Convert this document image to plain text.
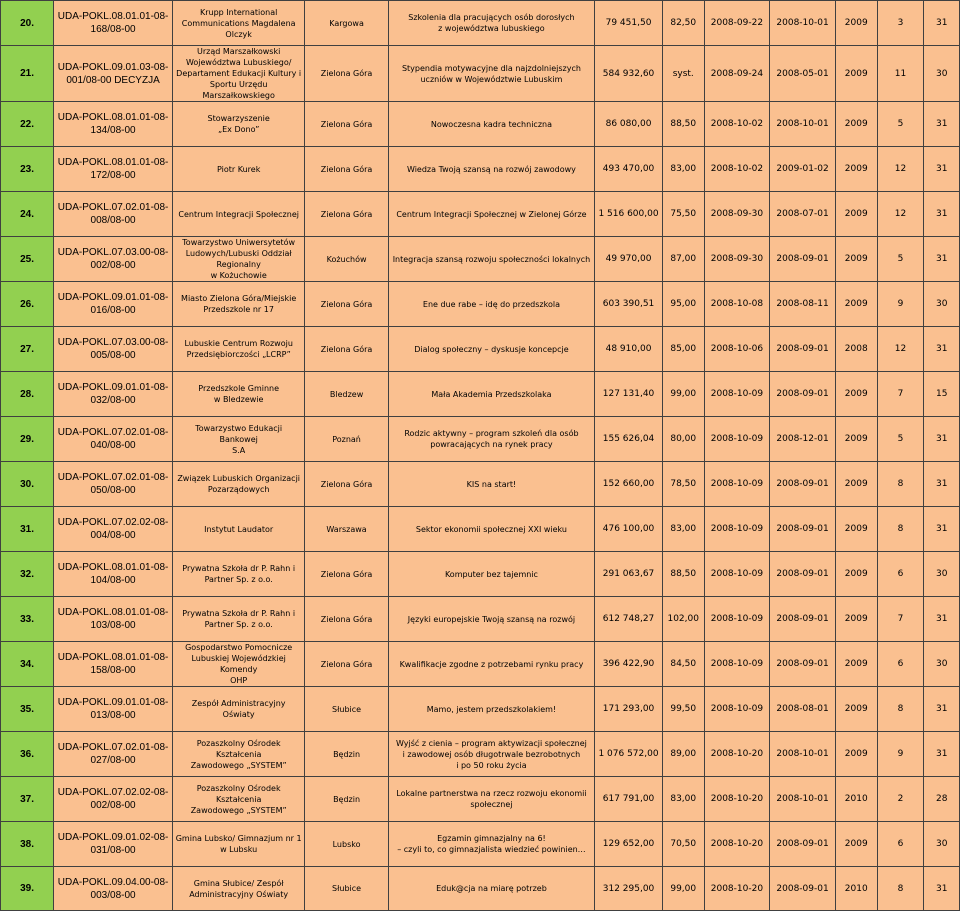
20.	UDA-POKL.08.01.01-08-
168/08-00	Krupp International
Communications Magdalena
Olczyk	Kargowa	Szkolenia dla pracujących osób dorosłych
z województwa lubuskiego	79 451,50	82,50	2008-09-22	2008-10-01	2009	3	31
21.	UDA-POKL.09.01.03-08-
001/08-00 DECYZJA	Urząd Marszałkowski
Województwa Lubuskiego/
Departament Edukacji Kultury i
Sportu Urzędu Marszałkowskiego	Zielona Góra	Stypendia motywacyjne dla najzdolniejszych
uczniów w Województwie Lubuskim	584 932,60	syst.	2008-09-24	2008-05-01	2009	11	30
22.	UDA-POKL.08.01.01-08-
134/08-00	Stowarzyszenie
„Ex Dono”	Zielona Góra	Nowoczesna kadra techniczna	86 080,00	88,50	2008-10-02	2008-10-01	2009	5	31
23.	UDA-POKL.08.01.01-08-
172/08-00	Piotr Kurek	Zielona Góra	Wiedza Twoją szansą na rozwój zawodowy	493 470,00	83,00	2008-10-02	2009-01-02	2009	12	31
24.	UDA-POKL.07.02.01-08-
008/08-00	Centrum Integracji Społecznej	Zielona Góra	Centrum Integracji Społecznej w Zielonej Górze	1 516 600,00	75,50	2008-09-30	2008-07-01	2009	12	31
25.	UDA-POKL.07.03.00-08-
002/08-00	Towarzystwo Uniwersytetów
Ludowych/Lubuski Oddział
Regionalny
w Kożuchowie	Kożuchów	Integracja szansą rozwoju społeczności lokalnych	49 970,00	87,00	2008-09-30	2008-09-01	2009	5	31
26.	UDA-POKL.09.01.01-08-
016/08-00	Miasto Zielona Góra/Miejskie
Przedszkole nr 17	Zielona Góra	Ene due rabe – idę do przedszkola	603 390,51	95,00	2008-10-08	2008-08-11	2009	9	30
27.	UDA-POKL.07.03.00-08-
005/08-00	Lubuskie Centrum Rozwoju
Przedsiębiorczości „LCRP”	Zielona Góra	Dialog społeczny – dyskusje koncepcje	48 910,00	85,00	2008-10-06	2008-09-01	2008	12	31
28.	UDA-POKL.09.01.01-08-
032/08-00	Przedszkole Gminne
w Bledzewie	Bledzew	Mała Akademia Przedszkolaka	127 131,40	99,00	2008-10-09	2008-09-01	2009	7	15
29.	UDA-POKL.07.02.01-08-
040/08-00	Towarzystwo Edukacji Bankowej
S.A	Poznań	Rodzic aktywny – program szkoleń dla osób
powracających na rynek pracy	155 626,04	80,00	2008-10-09	2008-12-01	2009	5	31
30.	UDA-POKL.07.02.01-08-
050/08-00	Związek Lubuskich Organizacji
Pozarządowych	Zielona Góra	KIS na start!	152 660,00	78,50	2008-10-09	2008-09-01	2009	8	31
31.	UDA-POKL.07.02.02-08-
004/08-00	Instytut Laudator	Warszawa	Sektor ekonomii społecznej XXI wieku	476 100,00	83,00	2008-10-09	2008-09-01	2009	8	31
32.	UDA-POKL.08.01.01-08-
104/08-00	Prywatna Szkoła dr P. Rahn i
Partner Sp. z o.o.	Zielona Góra	Komputer bez tajemnic	291 063,67	88,50	2008-10-09	2008-09-01	2009	6	30
33.	UDA-POKL.08.01.01-08-
103/08-00	Prywatna Szkoła dr P. Rahn i
Partner Sp. z o.o.	Zielona Góra	Języki europejskie Twoją szansą na rozwój	612 748,27	102,00	2008-10-09	2008-09-01	2009	7	31
34.	UDA-POKL.08.01.01-08-
158/08-00	Gospodarstwo Pomocnicze
Lubuskiej Wojewódzkiej Komendy
OHP	Zielona Góra	Kwalifikacje zgodne z potrzebami rynku pracy	396 422,90	84,50	2008-10-09	2008-09-01	2009	6	30
35.	UDA-POKL.09.01.01-08-
013/08-00	Zespół Administracyjny Oświaty	Słubice	Mamo, jestem przedszkolakiem!	171 293,00	99,50	2008-10-09	2008-08-01	2009	8	31
36.	UDA-POKL.07.02.01-08-
027/08-00	Pozaszkolny Ośrodek Kształcenia
Zawodowego „SYSTEM”	Będzin	Wyjść z cienia – program aktywizacji społecznej
i zawodowej osób długotrwale bezrobotnych
i po 50 roku życia	1 076 572,00	89,00	2008-10-20	2008-10-01	2009	9	31
37.	UDA-POKL.07.02.02-08-
002/08-00	Pozaszkolny Ośrodek Kształcenia
Zawodowego „SYSTEM”	Będzin	Lokalne partnerstwa na rzecz rozwoju ekonomii
społecznej	617 791,00	83,00	2008-10-20	2008-10-01	2010	2	28
38.	UDA-POKL.09.01.02-08-
031/08-00	Gmina Lubsko/ Gimnazjum nr 1
w Lubsku	Lubsko	Egzamin gimnazjalny na 6!
– czyli to, co gimnazjalista wiedzieć powinien…	129 652,00	70,50	2008-10-20	2008-09-01	2009	6	30
39.	UDA-POKL.09.04.00-08-
003/08-00	Gmina Słubice/ Zespół
Administracyjny Oświaty	Słubice	Eduk@cja na miarę potrzeb	312 295,00	99,00	2008-10-20	2008-09-01	2010	8	31
